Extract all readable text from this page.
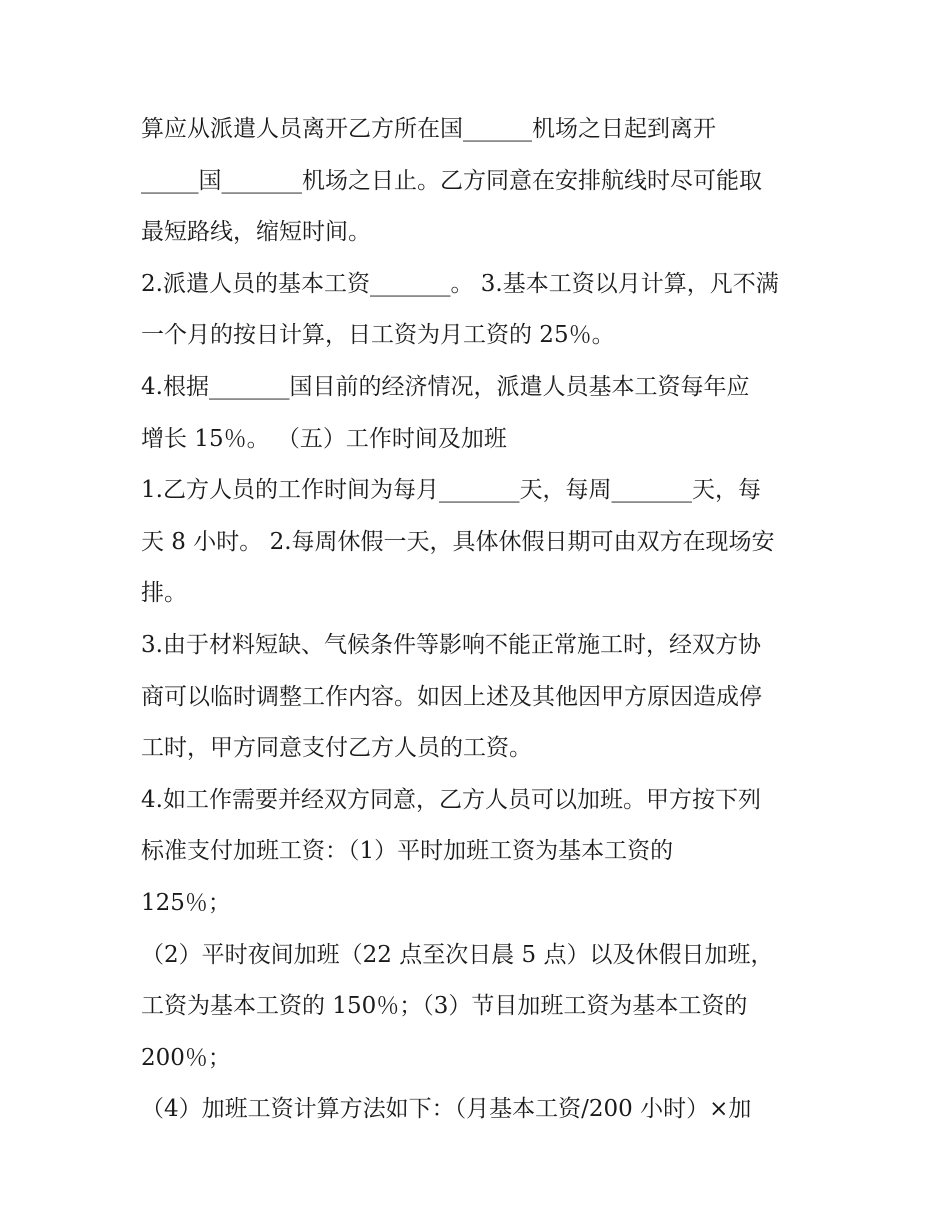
算应从派遣人员离开乙方所在国______机场之日起到离开
_____国_______机场之日止。乙方同意在安排航线时尽可能取
最短路线，缩短时间。
2.派遣人员的基本工资_______。 3.基本工资以月计算，凡不满
一个月的按日计算，日工资为月工资的 25％。
4.根据_______国目前的经济情况，派遣人员基本工资每年应
增长 15％。 （五）工作时间及加班
1.乙方人员的工作时间为每月_______天，每周_______天，每
天 8 小时。 2.每周休假一天，具体休假日期可由双方在现场安
排。
3.由于材料短缺、气候条件等影响不能正常施工时，经双方协
商可以临时调整工作内容。如因上述及其他因甲方原因造成停
工时，甲方同意支付乙方人员的工资。
4.如工作需要并经双方同意，乙方人员可以加班。甲方按下列
标准支付加班工资：（1）平时加班工资为基本工资的
125％；
（2）平时夜间加班（22 点至次日晨 5 点）以及休假日加班，
工资为基本工资的 150％；（3）节目加班工资为基本工资的
200％；
（4）加班工资计算方法如下：（月基本工资/200 小时）×加
